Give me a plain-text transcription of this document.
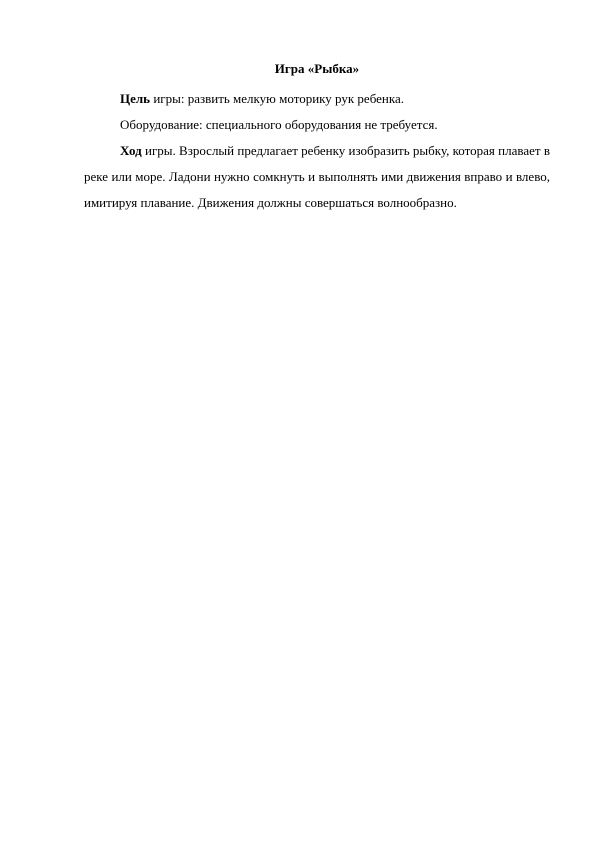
Игра «Рыбка»

Цель игры: развить мелкую моторику рук ребенка.

Оборудование: специального оборудования не требуется.

Ход игры. Взрослый предлагает ребенку изобразить рыбку, которая плавает в реке или море. Ладони нужно сомкнуть и выполнять ими движения вправо и влево, имитируя плавание. Движения должны совершаться волнообразно.
